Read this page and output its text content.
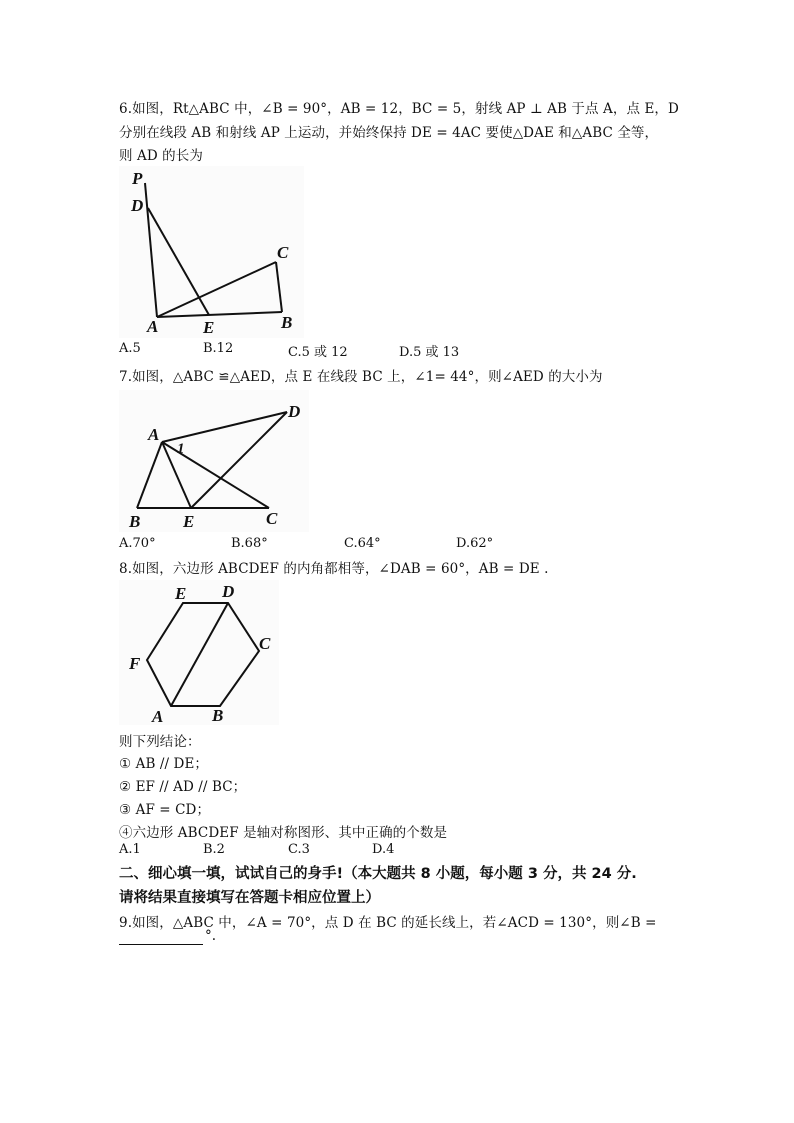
6.如图，Rt△ABC 中，∠B = 90°，AB = 12，BC = 5，射线 AP ⊥ AB 于点 A，点 E，D
分别在线段 AB 和射线 AP 上运动，并始终保持 DE = 4AC 要使△DAE 和△ABC 全等，
则 AD 的长为
P
D
C
A	E	B
A.5	B.12	C.5 或 12	D.5 或 13
7.如图，△ABC ≌△AED，点 E 在线段 BC 上，∠1= 44°，则∠AED 的大小为
A
1
D
B	E	C
A.70°	B.68°	C.64°	D.62°
8.如图，六边形 ABCDEF 的内角都相等，∠DAB = 60°，AB = DE .
E D
C
F
A	B
则下列结论：
① AB // DE；
② EF // AD // BC；
③ AF = CD；
④六边形 ABCDEF 是轴对称图形、其中正确的个数是
A.1	B.2	C.3	D.4
二、细心填一填，试试自己的身手!（本大题共 8 小题，每小题 3 分，共 24 分.
请将结果直接填写在答题卡相应位置上）
9.如图，△ABC 中，∠A = 70°，点 D 在 BC 的延长线上，若∠ACD = 130°，则∠B =
°.
